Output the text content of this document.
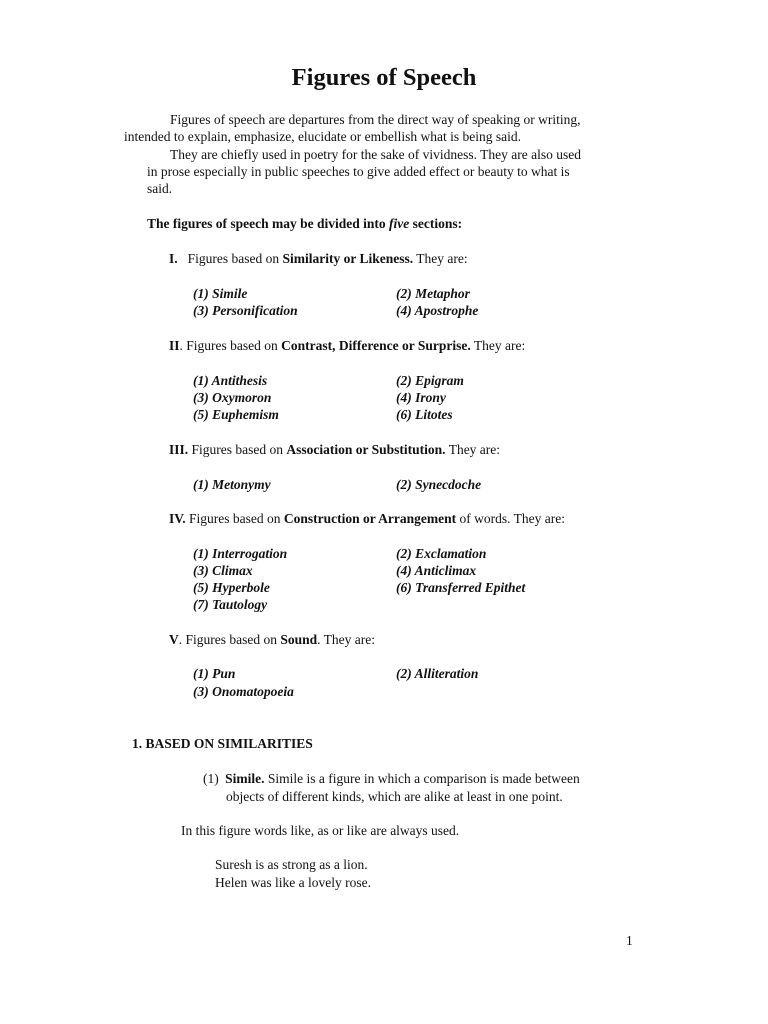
Figures of Speech
Figures of speech are departures from the direct way of speaking or writing,
intended to explain, emphasize, elucidate or embellish what is being said.
They are chiefly used in poetry for the sake of vividness. They are also used
in prose especially in public speeches to give added effect or beauty to what is
said.
The figures of speech may be divided into five sections:
I. Figures based on Similarity or Likeness. They are:
(1) Simile	(2) Metaphor
(3) Personification	(4) Apostrophe
II. Figures based on Contrast, Difference or Surprise. They are:
(1) Antithesis	(2) Epigram
(3) Oxymoron	(4) Irony
(5) Euphemism	(6) Litotes
III. Figures based on Association or Substitution. They are:
(1) Metonymy	(2) Synecdoche
IV. Figures based on Construction or Arrangement of words. They are:
(1) Interrogation	(2) Exclamation
(3) Climax	(4) Anticlimax
(5) Hyperbole	(6) Transferred Epithet
(7) Tautology
V. Figures based on Sound. They are:
(1) Pun	(2) Alliteration
(3) Onomatopoeia
1. BASED ON SIMILARITIES
(1) Simile. Simile is a figure in which a comparison is made between
objects of different kinds, which are alike at least in one point.
In this figure words like, as or like are always used.
Suresh is as strong as a lion.
Helen was like a lovely rose.
1
